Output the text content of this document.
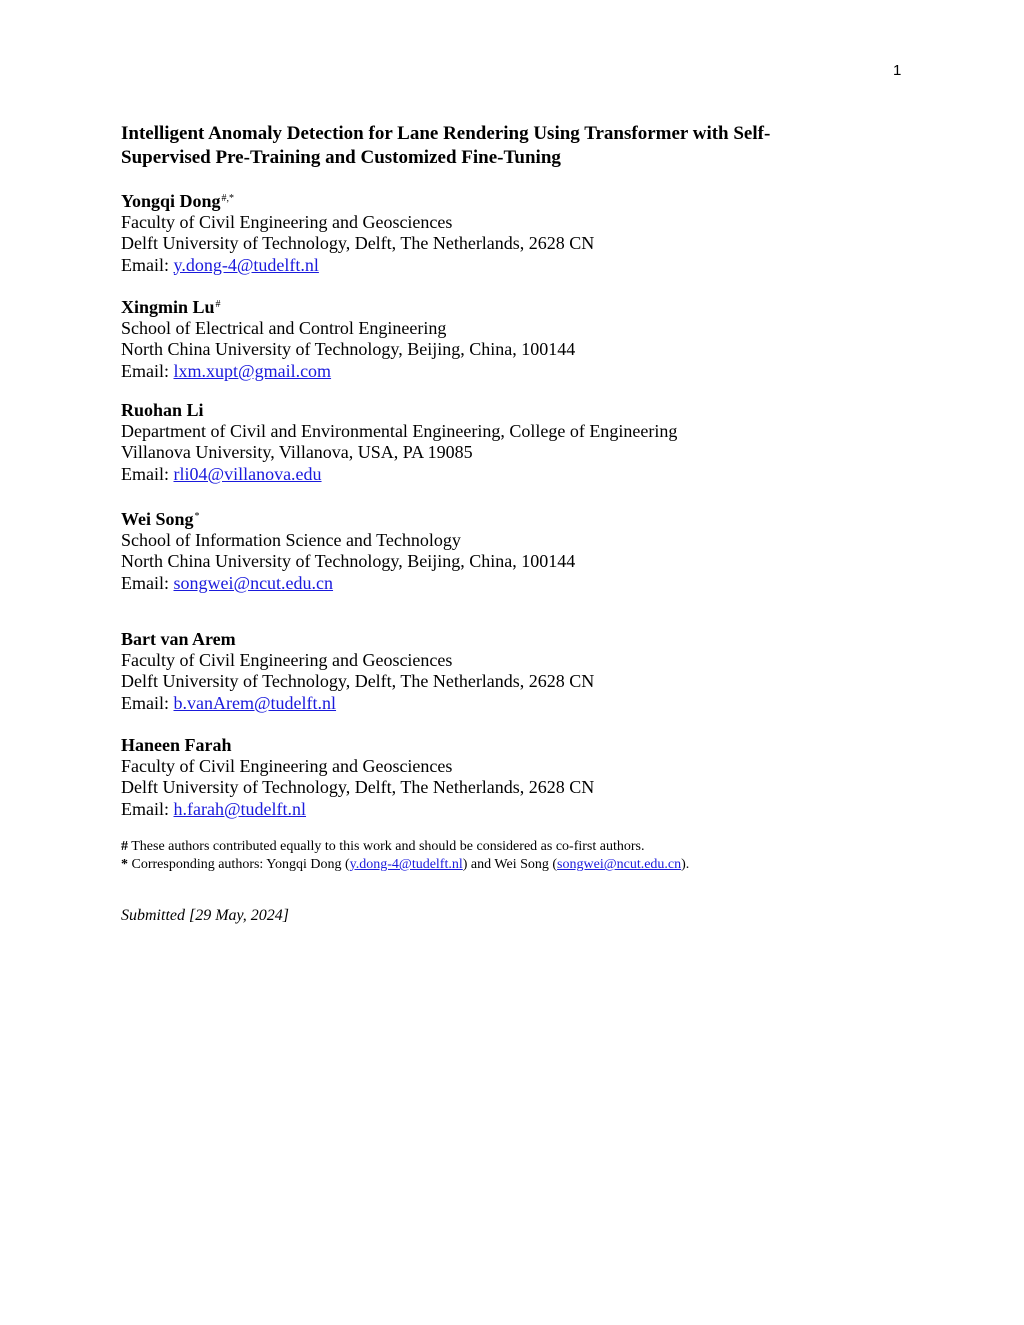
1
Intelligent Anomaly Detection for Lane Rendering Using Transformer with Self-Supervised Pre-Training and Customized Fine-Tuning
Yongqi Dong#,*
Faculty of Civil Engineering and Geosciences
Delft University of Technology, Delft, The Netherlands, 2628 CN
Email: y.dong-4@tudelft.nl
Xingmin Lu#
School of Electrical and Control Engineering
North China University of Technology, Beijing, China, 100144
Email: lxm.xupt@gmail.com
Ruohan Li
Department of Civil and Environmental Engineering, College of Engineering
Villanova University, Villanova, USA, PA 19085
Email: rli04@villanova.edu
Wei Song*
School of Information Science and Technology
North China University of Technology, Beijing, China, 100144
Email: songwei@ncut.edu.cn
Bart van Arem
Faculty of Civil Engineering and Geosciences
Delft University of Technology, Delft, The Netherlands, 2628 CN
Email: b.vanArem@tudelft.nl
Haneen Farah
Faculty of Civil Engineering and Geosciences
Delft University of Technology, Delft, The Netherlands, 2628 CN
Email: h.farah@tudelft.nl
# These authors contributed equally to this work and should be considered as co-first authors.
* Corresponding authors: Yongqi Dong (y.dong-4@tudelft.nl) and Wei Song (songwei@ncut.edu.cn).
Submitted [29 May, 2024]
